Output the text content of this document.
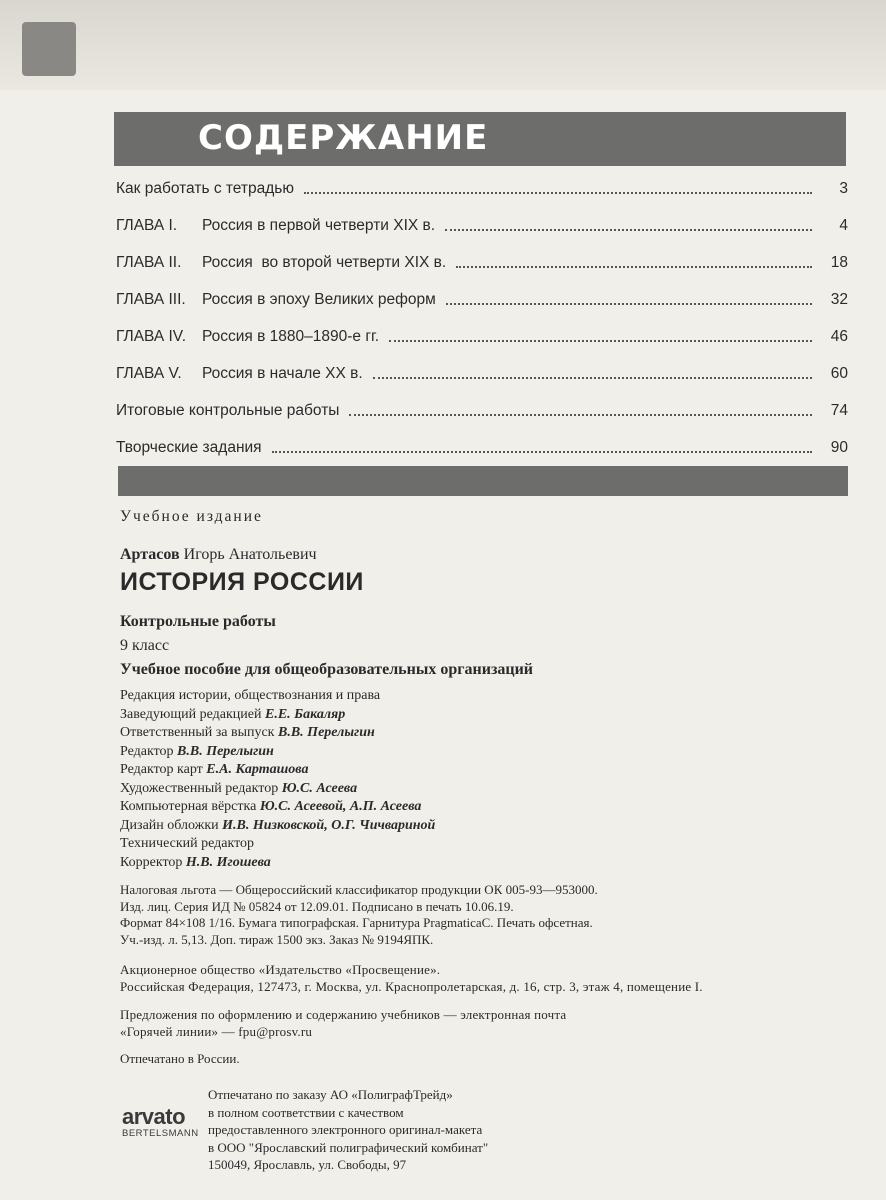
СОДЕРЖАНИЕ
Как работать с тетрадью	3
ГЛАВА I.	Россия в первой четверти XIX в.	4
ГЛАВА II.	Россия  во второй четверти XIX в.	18
ГЛАВА III.	Россия в эпоху Великих реформ	32
ГЛАВА IV.	Россия в 1880–1890-е гг.	46
ГЛАВА V.	Россия в начале XX в.	60
Итоговые контрольные работы	74
Творческие задания	90
Учебное издание
Артасов Игорь Анатольевич
ИСТОРИЯ РОССИИ
Контрольные работы
9 класс
Учебное пособие для общеобразовательных организаций
Редакция истории, обществознания и права
Заведующий редакцией Е.Е. Бакаляр
Ответственный за выпуск В.В. Перелыгин
Редактор В.В. Перелыгин
Редактор карт Е.А. Карташова
Художественный редактор Ю.С. Асеева
Компьютерная вёрстка Ю.С. Асеевой, А.П. Асеева
Дизайн обложки И.В. Низковской, О.Г. Чичвариной
Технический редактор
Корректор Н.В. Игошева
Налоговая льгота — Общероссийский классификатор продукции ОК 005-93—953000.
Изд. лиц. Серия ИД № 05824 от 12.09.01. Подписано в печать 10.06.19.
Формат 84×108 1/16. Бумага типографская. Гарнитура PragmaticaC. Печать офсетная.
Уч.-изд. л. 5,13. Доп. тираж 1500 экз. Заказ № 9194ЯПК.
Акционерное общество «Издательство «Просвещение».
Российская Федерация, 127473, г. Москва, ул. Краснопролетарская, д. 16, стр. 3, этаж 4, помещение I.
Предложения по оформлению и содержанию учебников — электронная почта
«Горячей линии» — fpu@prosv.ru
Отпечатано в России.
Отпечатано по заказу АО «ПолиграфТрейд»
в полном соответствии с качеством
предоставленного электронного оригинал-макета
в ООО "Ярославский полиграфический комбинат"
150049, Ярославль, ул. Свободы, 97
arvato
BERTELSMANN
